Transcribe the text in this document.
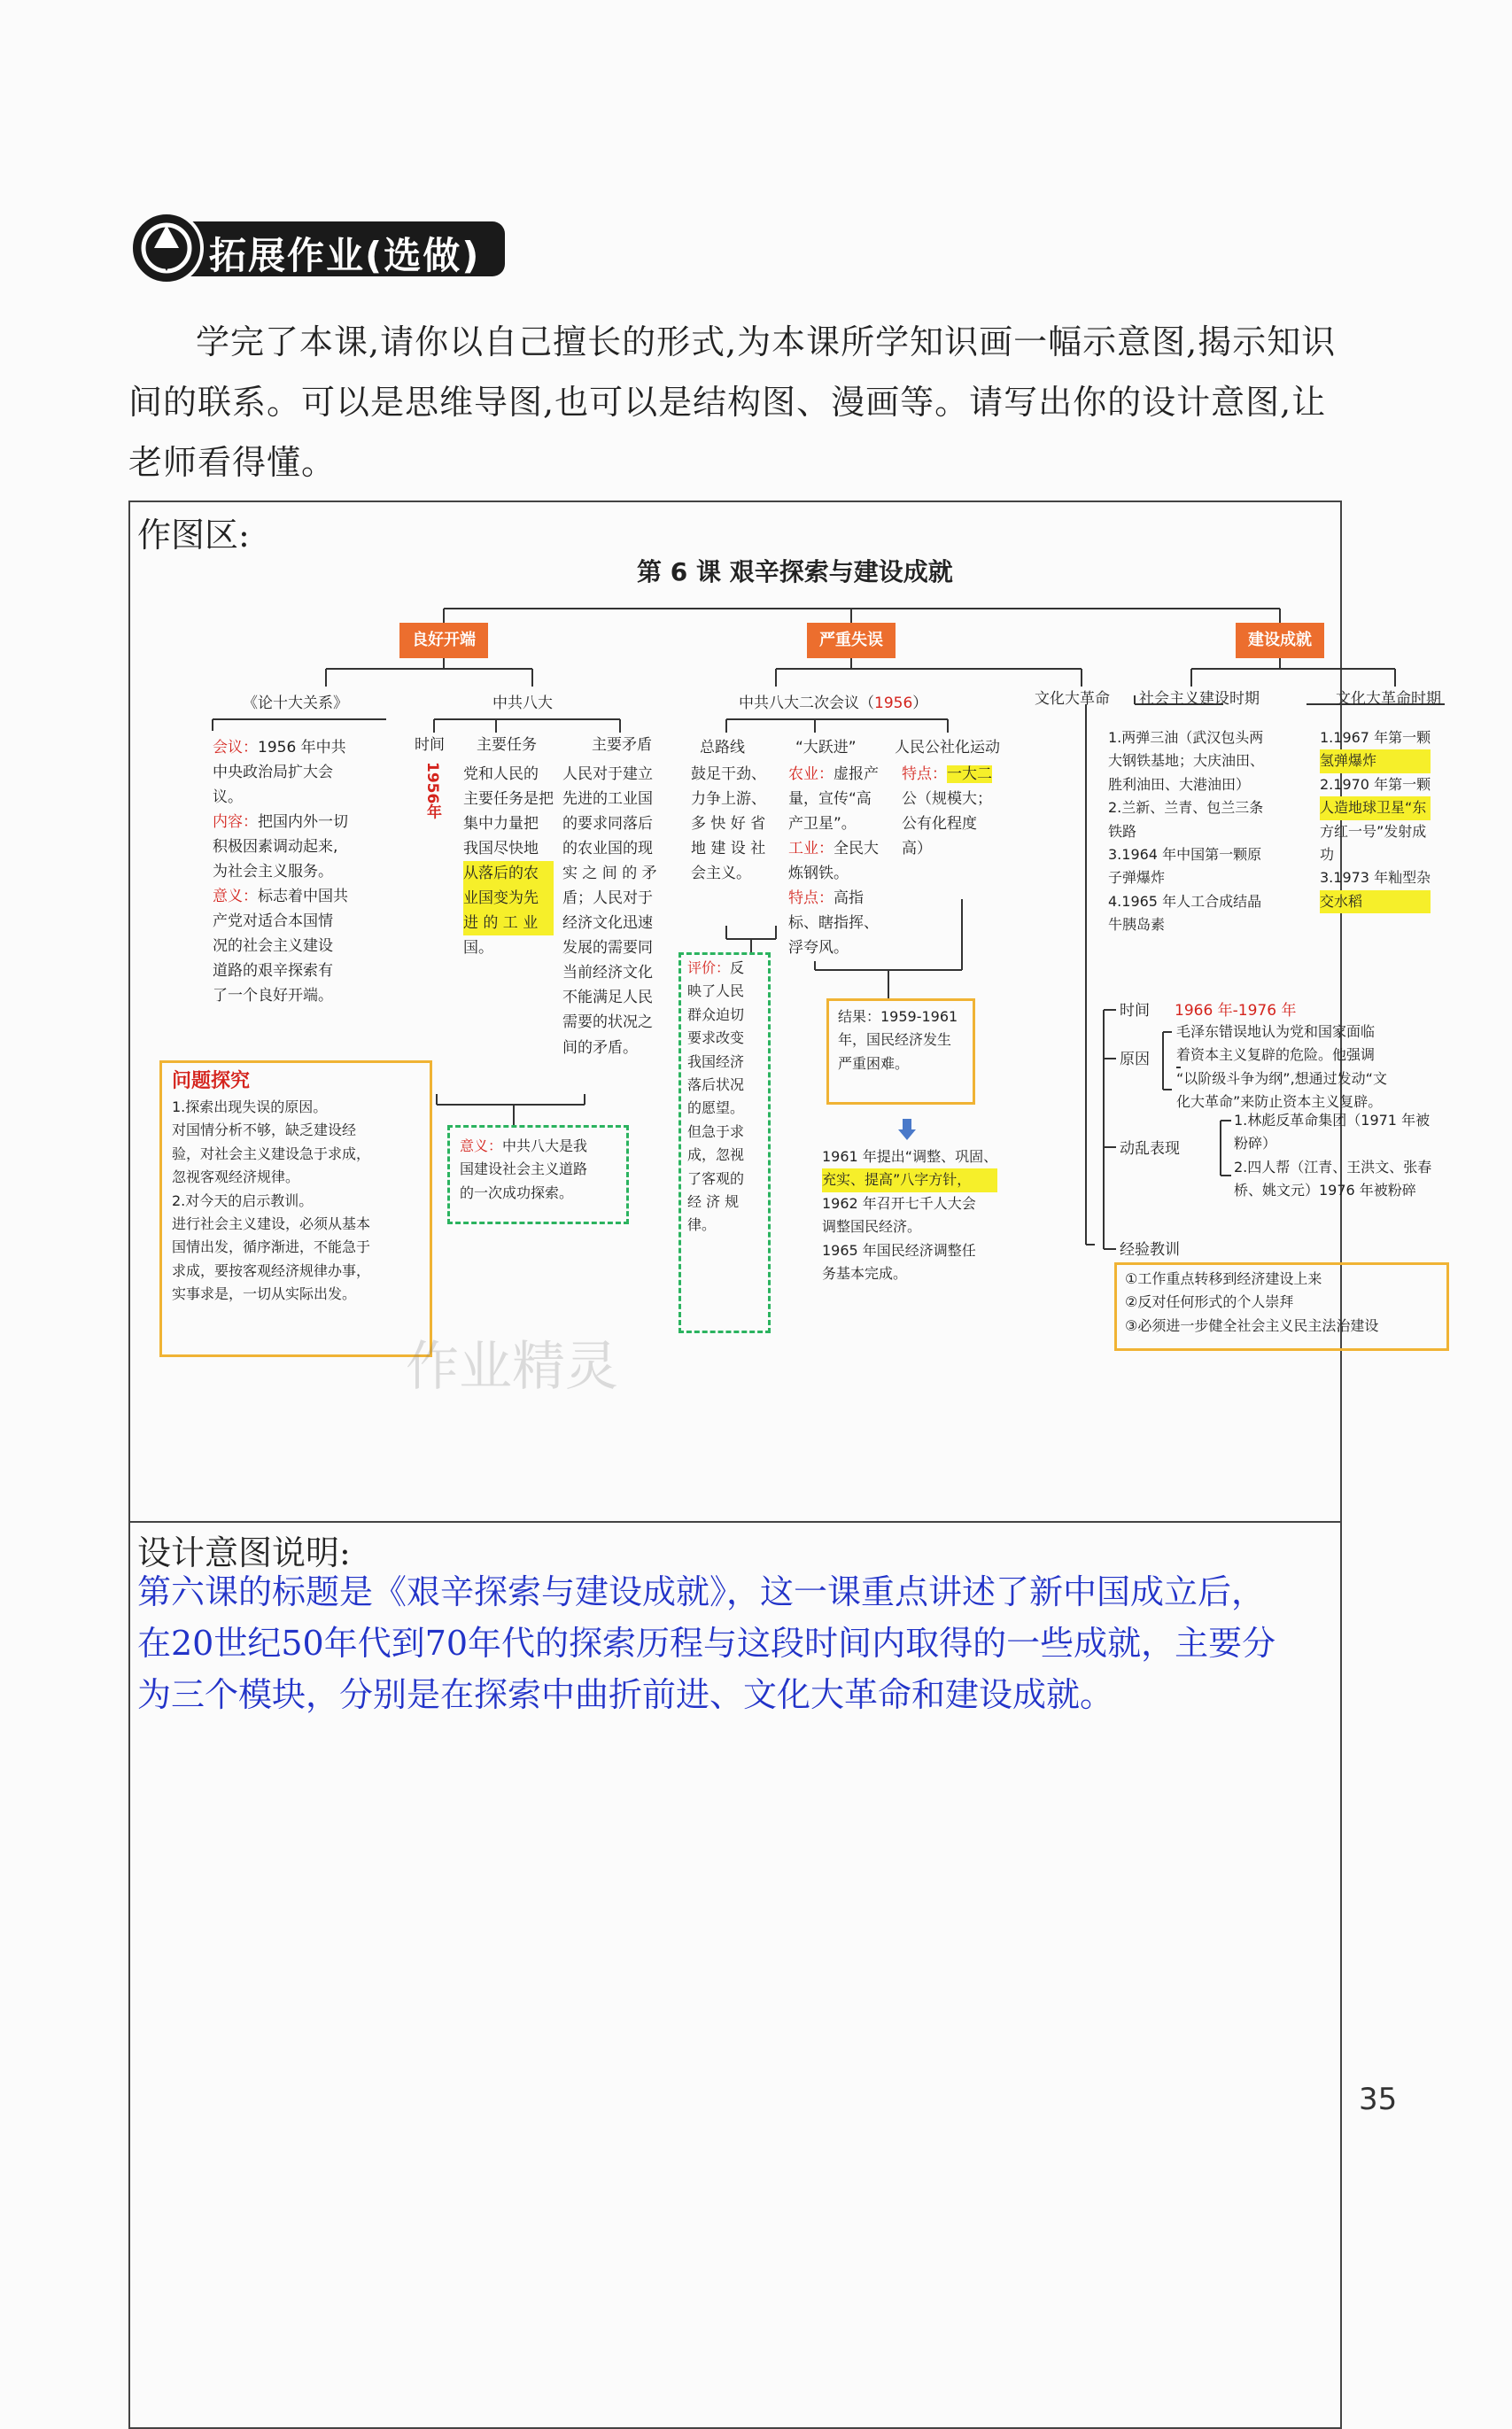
拓展作业(选做)
学完了本课,请你以自己擅长的形式,为本课所学知识画一幅示意图,揭示知识间的联系。可以是思维导图,也可以是结构图、漫画等。请写出你的设计意图,让老师看得懂。
作图区:
第 6 课 艰辛探索与建设成就
良好开端	严重失误	建设成就
《论十大关系》	中共八大
会议：1956 年中共
中央政治局扩大会
议。
内容：把国内外一切
积极因素调动起来,
为社会主义服务。
意义：标志着中国共
产党对适合本国情
况的社会主义建设
道路的艰辛探索有
了一个良好开端。
时间
1956年
主要任务
党和人民的
主要任务是把
集中力量把
我国尽快地
从落后的农
业国变为先
进 的 工 业
国。
主要矛盾
人民对于建立
先进的工业国
的要求同落后
的农业国的现
实 之 间 的 矛
盾；人民对于
经济文化迅速
发展的需要同
当前经济文化
不能满足人民
需要的状况之
间的矛盾。
意义：中共八大是我
国建设社会主义道路
的一次成功探索。
问题探究
1.探索出现失误的原因。
对国情分析不够，缺乏建设经
验，对社会主义建设急于求成，
忽视客观经济规律。
2.对今天的启示教训。
进行社会主义建设，必须从基本
国情出发，循序渐进，不能急于
求成，要按客观经济规律办事，
实事求是，一切从实际出发。
中共八大二次会议（1956）	文化大革命
总路线
鼓足干劲、
力争上游、
多 快 好 省
地 建 设 社
会主义。
“大跃进”
农业：虚报产
量，宣传“高
产卫星”。
工业：全民大
炼钢铁。
特点：高指
标、瞎指挥、
浮夸风。
人民公社化运动
特点：一大二
公（规模大；
公有化程度
高）
评价：反
映了人民
群众迫切
要求改变
我国经济
落后状况
的愿望。
但急于求
成，忽视
了客观的
经 济 规
律。
结果：1959-1961
年，国民经济发生
严重困难。
1961 年提出“调整、巩固、
充实、提高”八字方针，
1962 年召开七千人大会
调整国民经济。
1965 年国民经济调整任
务基本完成。
社会主义建设时期	文化大革命时期
1.两弹三油（武汉包头两
大钢铁基地；大庆油田、
胜利油田、大港油田）
2.兰新、兰青、包兰三条
铁路
3.1964 年中国第一颗原
子弹爆炸
4.1965 年人工合成结晶
牛胰岛素
1.1967 年第一颗
氢弹爆炸
2.1970 年第一颗
人造地球卫星“东
方红一号”发射成
功
3.1973 年籼型杂
交水稻
时间 1966 年-1976 年
原因
毛泽东错误地认为党和国家面临
着资本主义复辟的危险。他强调
“以阶级斗争为纲”,想通过发动“文
化大革命”来防止资本主义复辟。
动乱表现
1.林彪反革命集团（1971 年被
粉碎）
2.四人帮（江青、王洪文、张春
桥、姚文元）1976 年被粉碎
经验教训
①工作重点转移到经济建设上来
②反对任何形式的个人崇拜
③必须进一步健全社会主义民主法治建设
作业精灵
设计意图说明:
第六课的标题是《艰辛探索与建设成就》，这一课重点讲述了新中国成立后，在20世纪50年代到70年代的探索历程与这段时间内取得的一些成就，主要分为三个模块，分别是在探索中曲折前进、文化大革命和建设成就。
35
